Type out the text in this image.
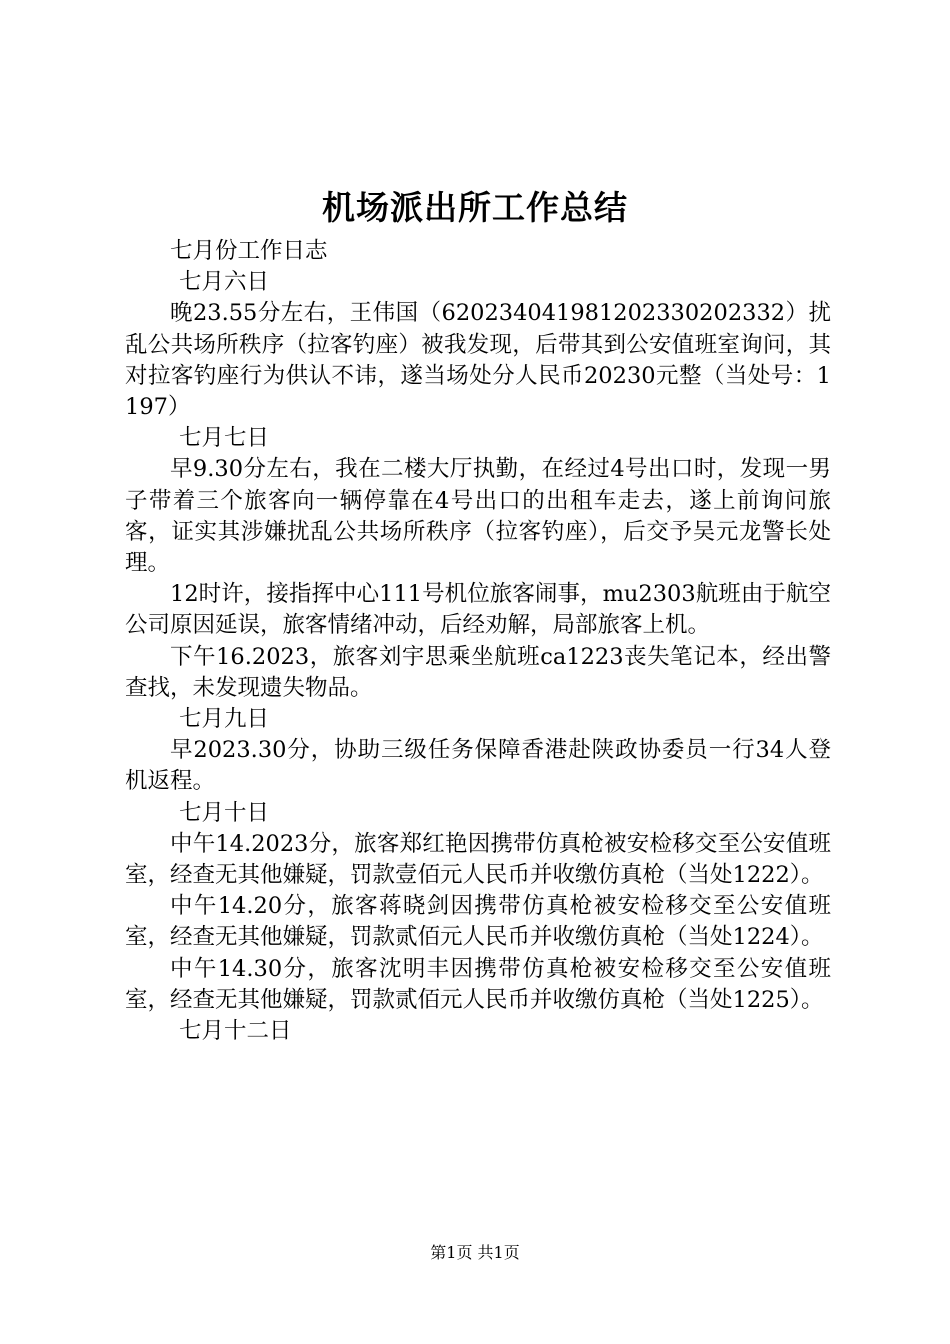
机场派出所工作总结

七月份工作日志

七月六日

晚23.55分左右，王伟国（62023404198120233020233​2）扰乱公共场所秩序（拉客钓座）被我发现，后带其到公安值班室询问，其对拉客钓座行为供认不讳，遂当场处分人民币20230元整（当处号：1197）

七月七日

早9.30分左右，我在二楼大厅执勤，在经过4号出口时，发现一男子带着三个旅客向一辆停靠在4号出口的出租车走去，遂上前询问旅客，证实其涉嫌扰乱公共场所秩序（拉客钓座），后交予吴元龙警长处理。

12时许，接指挥中心111号机位旅客闹事，mu2303航班由于航空公司原因延误，旅客情绪冲动，后经劝解，局部旅客上机。

下午16.2023，旅客刘宇思乘坐航班ca1223丧失笔记本，经出警查找，未发现遗失物品。

七月九日

早2023.30分，协助三级任务保障香港赴陕政协委员一行34人登机返程。

七月十日

中午14.2023分，旅客郑红艳因携带仿真枪被安检移交至公安值班室，经查无其他嫌疑，罚款壹佰元人民币并收缴仿真枪（当处1222）。

中午14.20分，旅客蒋晓剑因携带仿真枪被安检移交至公安值班室，经查无其他嫌疑，罚款贰佰元人民币并收缴仿真枪（当处1224）。

中午14.30分，旅客沈明丰因携带仿真枪被安检移交至公安值班室，经查无其他嫌疑，罚款贰佰元人民币并收缴仿真枪（当处1225）。

七月十二日

第1页 共1页
